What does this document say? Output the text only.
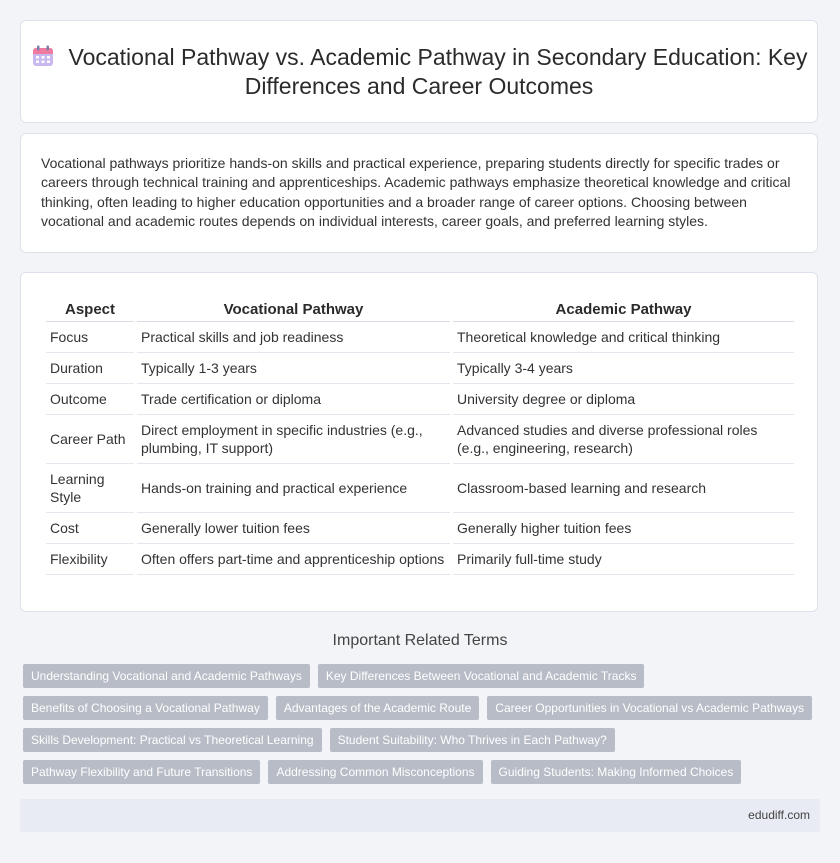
Vocational Pathway vs. Academic Pathway in Secondary Education: Key Differences and Career Outcomes

Vocational pathways prioritize hands-on skills and practical experience, preparing students directly for specific trades or careers through technical training and apprenticeships. Academic pathways emphasize theoretical knowledge and critical thinking, often leading to higher education opportunities and a broader range of career options. Choosing between vocational and academic routes depends on individual interests, career goals, and preferred learning styles.

Aspect	Vocational Pathway	Academic Pathway
Focus	Practical skills and job readiness	Theoretical knowledge and critical thinking
Duration	Typically 1-3 years	Typically 3-4 years
Outcome	Trade certification or diploma	University degree or diploma
Career Path	Direct employment in specific industries (e.g., plumbing, IT support)	Advanced studies and diverse professional roles (e.g., engineering, research)
Learning Style	Hands-on training and practical experience	Classroom-based learning and research
Cost	Generally lower tuition fees	Generally higher tuition fees
Flexibility	Often offers part-time and apprenticeship options	Primarily full-time study
Important Related Terms
Understanding Vocational and Academic Pathways	Key Differences Between Vocational and Academic Tracks
Benefits of Choosing a Vocational Pathway	Advantages of the Academic Route	Career Opportunities in Vocational vs Academic Pathways
Skills Development: Practical vs Theoretical Learning	Student Suitability: Who Thrives in Each Pathway?
Pathway Flexibility and Future Transitions	Addressing Common Misconceptions	Guiding Students: Making Informed Choices
edudiff.com
